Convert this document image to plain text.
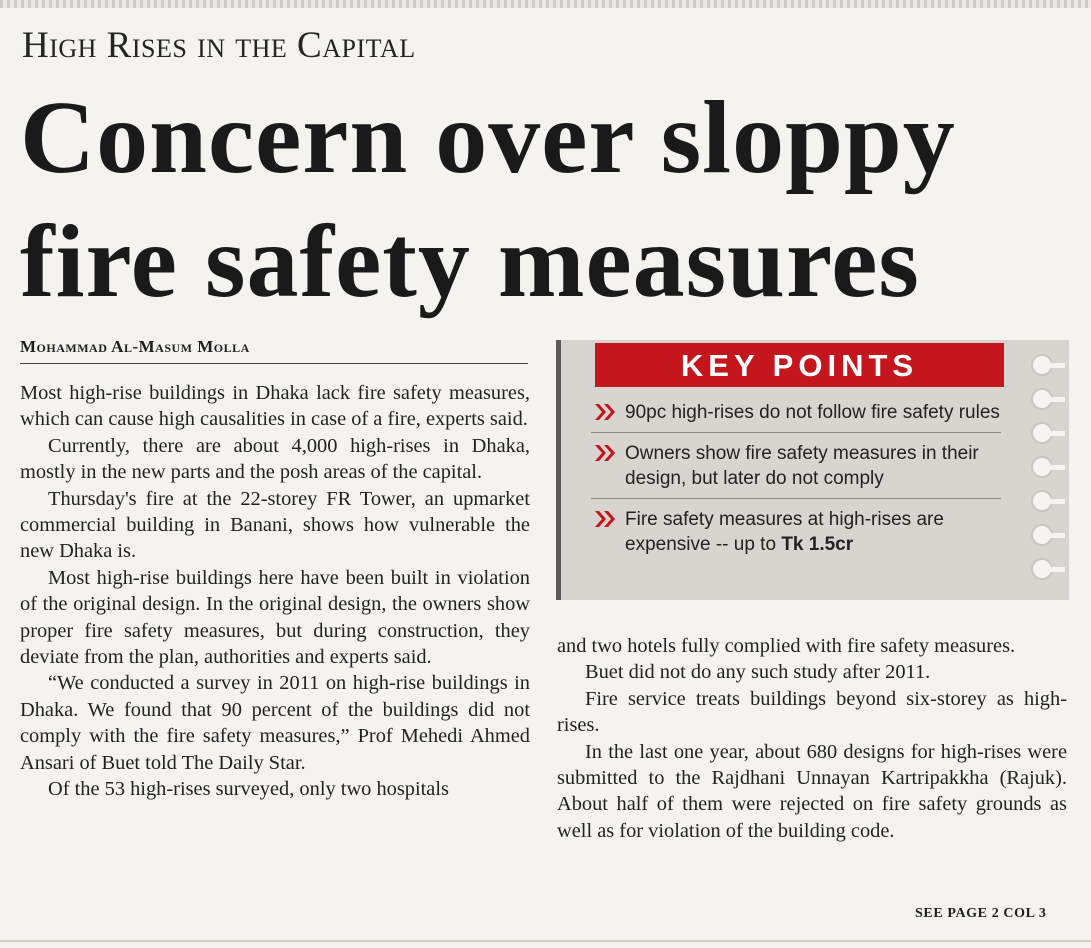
High Rises in the Capital
Concern over sloppy
fire safety measures
Mohammad Al-Masum Molla

Most high-rise buildings in Dhaka lack fire safety measures, which can cause high causalities in case of a fire, experts said.

Currently, there are about 4,000 high-rises in Dhaka, mostly in the new parts and the posh areas of the capital.

Thursday's fire at the 22-storey FR Tower, an upmarket commercial building in Banani, shows how vulnerable the new Dhaka is.

Most high-rise buildings here have been built in violation of the original design. In the original design, the owners show proper fire safety measures, but during construction, they deviate from the plan, authorities and experts said.

“We conducted a survey in 2011 on high-rise buildings in Dhaka. We found that 90 percent of the buildings did not comply with the fire safety measures,” Prof Mehedi Ahmed Ansari of Buet told The Daily Star.

Of the 53 high-rises surveyed, only two hospitals

KEY POINTS
90pc high-rises do not follow fire safety rules
Owners show fire safety measures in their design, but later do not comply
Fire safety measures at high-rises are expensive -- up to Tk 1.5cr

and two hotels fully complied with fire safety measures.

Buet did not do any such study after 2011.

Fire service treats buildings beyond six-storey as high-rises.

In the last one year, about 680 designs for high-rises were submitted to the Rajdhani Unnayan Kartripakkha (Rajuk). About half of them were rejected on fire safety grounds as well as for violation of the building code.

SEE PAGE 2 COL 3
